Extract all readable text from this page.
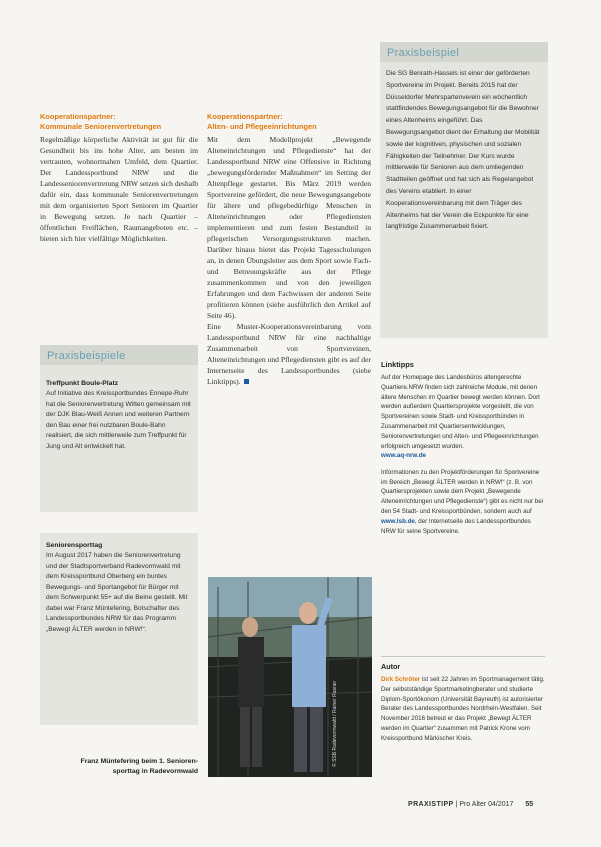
Kooperationspartner:
Kommunale Seniorenvertretungen
Regelmäßige körperliche Aktivität ist gut für die Gesundheit bis ins hohe Alter, am besten im vertrauten, wohnortnahen Umfeld, dem Quartier. Der Landessportbund NRW und die Landesseniorenvertretung NRW setzen sich deshalb dafür ein, dass kommunale Seniorenvertretungen mit dem organisierten Sport Senioren im Quartier in Bewegung setzen. Je nach Quartier – öffentlichen Freiflächen, Raumangeboten etc. – bieten sich hier vielfältige Möglichkeiten.
Praxisbeispiele
Treffpunkt Boule-Platz
Auf Initiative des Kreissportbundes Ennepe-Ruhr hat die Seniorenvertretung Witten gemeinsam mit der DJK Blau-Weiß Annen und weiteren Partnern den Bau einer frei nutzbaren Boule-Bahn realisiert, die sich mittlerweile zum Treffpunkt für Jung und Alt entwickelt hat.
Seniorensporttag
Im August 2017 haben die Seniorenvertretung und der Stadtsportverband Radevormwald mit dem Kreissportbund Oberberg ein buntes Bewegungs- und Sportangebot für Bürger mit dem Schwerpunkt 55+ auf die Beine gestellt. Mit dabei war Franz Müntefering, Botschafter des Landessportbundes NRW für das Programm „Bewegt ÄLTER werden in NRW!“.
Franz Müntefering beim 1. Senioren-
sporttag in Radevormwald
Kooperationspartner:
Alten- und Pflegeeinrichtungen
Mit dem Modellprojekt „Bewegende Alteneinrichtungen und Pflegedienste“ hat der Landessportbund NRW eine Offensive in Richtung „bewegungsfördernder Maßnahmen“ im Setting der Altenpflege gestartet. Bis März 2019 werden Sportvereine gefördert, die neue Bewegungsangebote für ältere und pflegebedürftige Menschen in Alteneinrichtungen oder Pflegediensten implementieren und zum festen Bestandteil in pflegerischen Versorgungsstrukturen machen. Darüber hinaus bietet das Projekt Tagesschulungen an, in denen Übungsleiter aus dem Sport sowie Fach- und Betreuungskräfte aus der Pflege zusammenkommen und von den jeweiligen Erfahrungen und dem Fachwissen der anderen Seite profitieren können (siehe ausführlich den Artikel auf Seite 46).
Eine Muster-Kooperationsvereinbarung vom Landessportbund NRW für eine nachhaltige Zusammenarbeit von Sportvereinen, Alteneinrichtungen und Pflegediensten gibt es auf der Internetseite des Landessportbundes (siehe Linktipps).
© SSB Radevormwald / Rainer Rasner
Praxisbeispiel
Die SG Benrath-Hassels ist einer der geförderten Sportvereine im Projekt. Bereits 2015 hat der Düsseldorfer Mehrspartenverein ein wöchentlich stattfindendes Bewegungsangebot für die Bewohner eines Altenheims eingeführt. Das Bewegungsangebot dient der Erhaltung der Mobilität sowie der kognitiven, physischen und sozialen Fähigkeiten der Teilnehmer. Der Kurs wurde mittlerweile für Senioren aus dem umliegenden Stadtteilen geöffnet und hat sich als Regelangebot des Vereins etabliert. In einer Kooperationsvereinbarung mit dem Träger des Altenheims hat der Verein die Eckpunkte für eine langfristige Zusammenarbeit fixiert.
Linktipps
Auf der Homepage des Landesbüros altengerechte Quartiere.NRW finden sich zahlreiche Module, mit denen ältere Menschen im Quartier bewegt werden können. Dort werden außerdem Quartiersprojekte vorgestellt, die von Sportvereinen sowie Stadt- und Kreissportbünden in Zusammenarbeit mit Quartiersentwicklungen, Seniorenvertretungen und Alten- und Pflegeeinrichtungen erfolgreich umgesetzt wurden.
www.aq-nrw.de
Informationen zu den Projektförderungen für Sportvereine im Bereich „Bewegt ÄLTER werden in NRW!“ (z. B. von Quartiersprojekten sowie dem Projekt „Bewegende Alteneinrichtungen und Pflegedienste“) gibt es nicht nur bei den 54 Stadt- und Kreissportbünden, sondern auch auf www.lsb.de, der Internetseite des Landessportbundes NRW für seine Sportvereine.
Autor
Dirk Schröter ist seit 22 Jahren im Sportmanagement tätig. Der selbstständige Sportmarketingberater und studierte Diplom-Sportökonom (Universität Bayreuth) ist autorisierter Berater des Landessportbundes Nordrhein-Westfalen. Seit November 2016 betreut er das Projekt „Bewegt ÄLTER werden im Quartier“ zusammen mit Patrick Krone vom Kreissportbund Märkischer Kreis.
PRAXISTIPP | Pro Alter 04/2017 55
